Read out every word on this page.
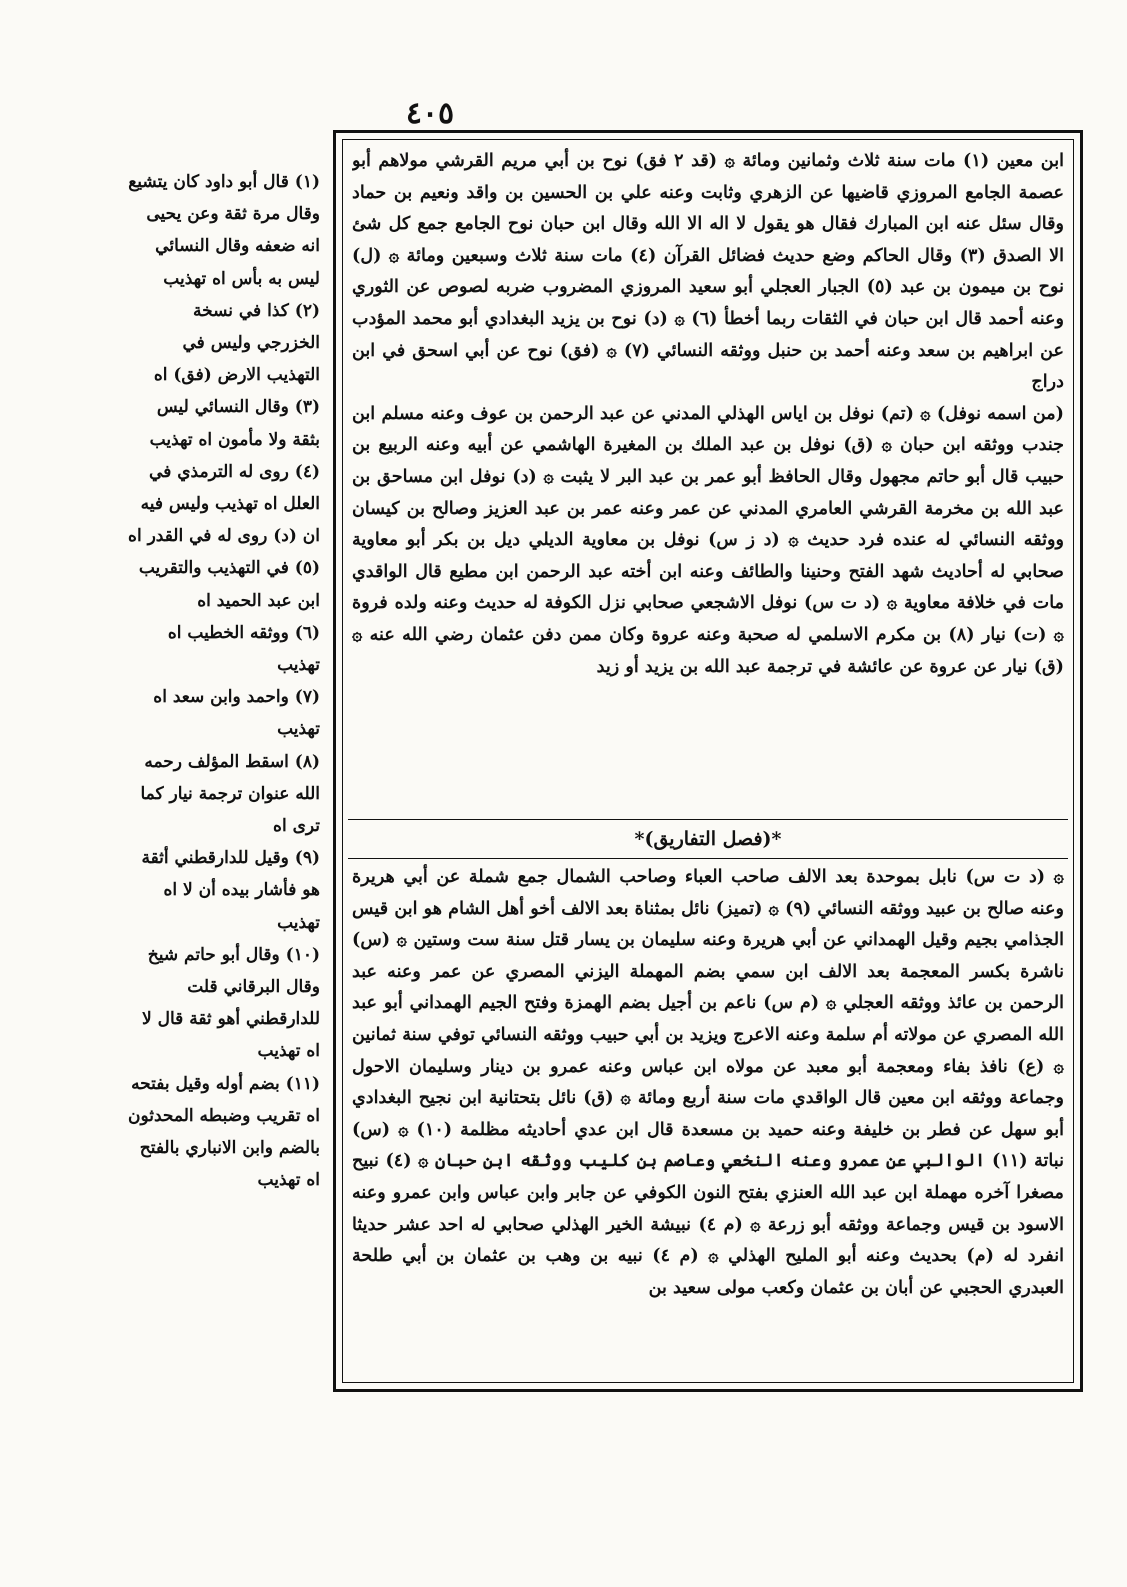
٤٠٥

(١) قال أبو داود كان يتشيع وقال مرة ثقة وعن يحيى انه ضعفه وقال النسائي ليس به بأس اه تهذيب

(٢) كذا في نسخة الخزرجي وليس في التهذيب الارض (فق) اه

(٣) وقال النسائي ليس بثقة ولا مأمون اه تهذيب

(٤) روى له الترمذي في العلل اه تهذيب وليس فيه ان (د) روى له في القدر اه

(٥) في التهذيب والتقريب ابن عبد الحميد اه

(٦) ووثقه الخطيب اه تهذيب

(٧) واحمد وابن سعد اه تهذيب

(٨) اسقط المؤلف رحمه الله عنوان ترجمة نيار كما ترى اه

(٩) وقيل للدارقطني أثقة هو فأشار بيده أن لا اه تهذيب

(١٠) وقال أبو حاتم شيخ وقال البرقاني قلت للدارقطني أهو ثقة قال لا اه تهذيب

(١١) بضم أوله وقيل بفتحه اه تقريب وضبطه المحدثون بالضم وابن الانباري بالفتح اه تهذيب

ابن معين (١) مات سنة ثلاث وثمانين ومائة ۞ (قد ٢ فق) نوح بن أبي مريم القرشي مولاهم أبو عصمة الجامع المروزي قاضيها عن الزهري وثابت وعنه علي بن الحسين بن واقد ونعيم بن حماد وقال سئل عنه ابن المبارك فقال هو يقول لا اله الا الله وقال ابن حبان نوح الجامع جمع كل شئ الا الصدق (٣) وقال الحاكم وضع حديث فضائل القرآن (٤) مات سنة ثلاث وسبعين ومائة ۞ (ل) نوح بن ميمون بن عبد (٥) الجبار العجلي أبو سعيد المروزي المضروب ضربه لصوص عن الثوري وعنه أحمد قال ابن حبان في الثقات ربما أخطأ (٦) ۞ (د) نوح بن يزيد البغدادي أبو محمد المؤدب عن ابراهيم بن سعد وعنه أحمد بن حنبل ووثقه النسائي (٧) ۞ (فق) نوح عن أبي اسحق في ابن دراج

(من اسمه نوفل) ۞ (تم) نوفل بن اياس الهذلي المدني عن عبد الرحمن بن عوف وعنه مسلم ابن جندب ووثقه ابن حبان ۞ (ق) نوفل بن عبد الملك بن المغيرة الهاشمي عن أبيه وعنه الربيع بن حبيب قال أبو حاتم مجهول وقال الحافظ أبو عمر بن عبد البر لا يثبت ۞ (د) نوفل ابن مساحق بن عبد الله بن مخرمة القرشي العامري المدني عن عمر وعنه عمر بن عبد العزيز وصالح بن كيسان ووثقه النسائي له عنده فرد حديث ۞ (د ز س) نوفل بن معاوية الديلي ديل بن بكر أبو معاوية صحابي له أحاديث شهد الفتح وحنينا والطائف وعنه ابن أخته عبد الرحمن ابن مطيع قال الواقدي مات في خلافة معاوية ۞ (د ت س) نوفل الاشجعي صحابي نزل الكوفة له حديث وعنه ولده فروة ۞ (ت) نيار (٨) بن مكرم الاسلمي له صحبة وعنه عروة وكان ممن دفن عثمان رضي الله عنه ۞ (ق) نيار عن عروة عن عائشة في ترجمة عبد الله بن يزيد أو زيد

*(فصل التفاريق)*

۞ (د ت س) نابل بموحدة بعد الالف صاحب العباء وصاحب الشمال جمع شملة عن أبي هريرة وعنه صالح بن عبيد ووثقه النسائي (٩) ۞ (تميز) نائل بمثناة بعد الالف أخو أهل الشام هو ابن قيس الجذامي بجيم وقيل الهمداني عن أبي هريرة وعنه سليمان بن يسار قتل سنة ست وستين ۞ (س) ناشرة بكسر المعجمة بعد الالف ابن سمي بضم المهملة اليزني المصري عن عمر وعنه عبد الرحمن بن عائذ ووثقه العجلي ۞ (م س) ناعم بن أجيل بضم الهمزة وفتح الجيم الهمداني أبو عبد الله المصري عن مولاته أم سلمة وعنه الاعرج ويزيد بن أبي حبيب ووثقه النسائي توفي سنة ثمانين ۞ (ع) نافذ بفاء ومعجمة أبو معبد عن مولاه ابن عباس وعنه عمرو بن دينار وسليمان الاحول وجماعة ووثقه ابن معين قال الواقدي مات سنة أربع ومائة ۞ (ق) نائل بتحتانية ابن نجيح البغدادي أبو سهل عن فطر بن خليفة وعنه حميد بن مسعدة قال ابن عدي أحاديثه مظلمة (١٠) ۞ (س) نباتة (١١) الوالبي عن عمرو وعنه النخعي وعاصم بن كليب ووثقه ابن حبان ۞ (٤) نبيح مصغرا آخره مهملة ابن عبد الله العنزي بفتح النون الكوفي عن جابر وابن عباس وابن عمرو وعنه الاسود بن قيس وجماعة ووثقه أبو زرعة ۞ (م ٤) نبيشة الخير الهذلي صحابي له احد عشر حديثا انفرد له (م) بحديث وعنه أبو المليح الهذلي ۞ (م ٤) نبيه بن وهب بن عثمان بن أبي طلحة العبدري الحجبي عن أبان بن عثمان وكعب مولى سعيد بن
